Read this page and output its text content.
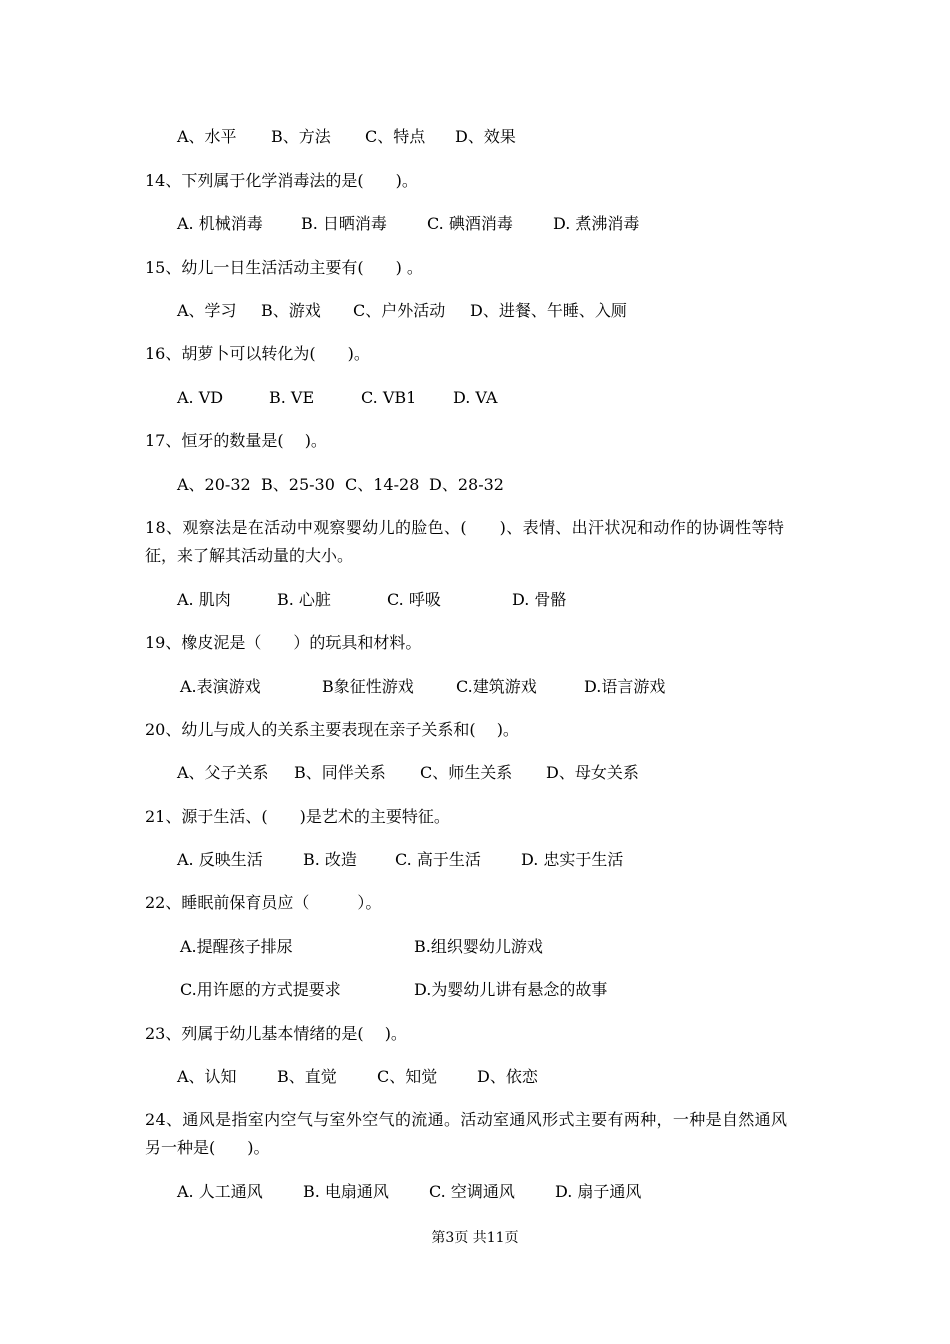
A、水平	B、方法	C、特点	D、效果
14、下列属于化学消毒法的是(　　)。
A. 机械消毒	B. 日晒消毒	C. 碘酒消毒	D. 煮沸消毒
15、幼儿一日生活活动主要有(　　) 。
A、学习	B、游戏	C、户外活动	D、进餐、午睡、入厕
16、胡萝卜可以转化为(　　)。
A. VD	B. VE	C. VB1	D. VA
17、恒牙的数量是(　 )。
A、20-32 B、25-30 C、14-28 D、28-32
18、观察法是在活动中观察婴幼儿的脸色、(　　)、表情、出汗状况和动作的协调性等特
征，来了解其活动量的大小。
A. 肌肉	B. 心脏	C. 呼吸	D. 骨骼
19、橡皮泥是（　　）的玩具和材料。
A.表演游戏	B象征性游戏	C.建筑游戏	D.语言游戏
20、幼儿与成人的关系主要表现在亲子关系和(　 )。
A、父子关系	B、同伴关系	C、师生关系	D、母女关系
21、源于生活、(　　)是艺术的主要特征。
A. 反映生活	B. 改造	C. 高于生活	D. 忠实于生活
22、睡眠前保育员应（　　　）。
A.提醒孩子排尿	B.组织婴幼儿游戏
C.用许愿的方式提要求	D.为婴幼儿讲有悬念的故事
23、列属于幼儿基本情绪的是(　 )。
A、认知	B、直觉	C、知觉	D、依恋
24、通风是指室内空气与室外空气的流通。活动室通风形式主要有两种，一种是自然通风
另一种是(　　)。
A. 人工通风	B. 电扇通风	C. 空调通风	D. 扇子通风
第3页 共11页
